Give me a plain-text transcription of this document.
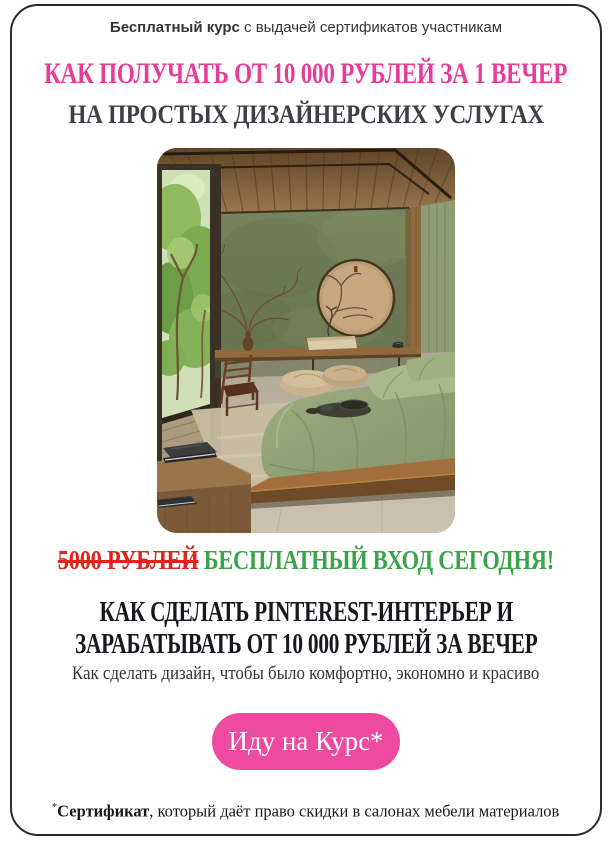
Бесплатный курс с выдачей сертификатов участникам
КАК ПОЛУЧАТЬ ОТ 10 000 РУБЛЕЙ ЗА 1 ВЕЧЕР
НА ПРОСТЫХ ДИЗАЙНЕРСКИХ УСЛУГАХ
5000 РУБЛЕЙ БЕСПЛАТНЫЙ ВХОД СЕГОДНЯ!
КАК СДЕЛАТЬ PINTEREST-ИНТЕРЬЕР И
ЗАРАБАТЫВАТЬ ОТ 10 000 РУБЛЕЙ ЗА ВЕЧЕР
Как сделать дизайн, чтобы было комфортно, экономно и красиво
Иду на Курс*
*Сертификат, который даёт право скидки в салонах мебели материалов
